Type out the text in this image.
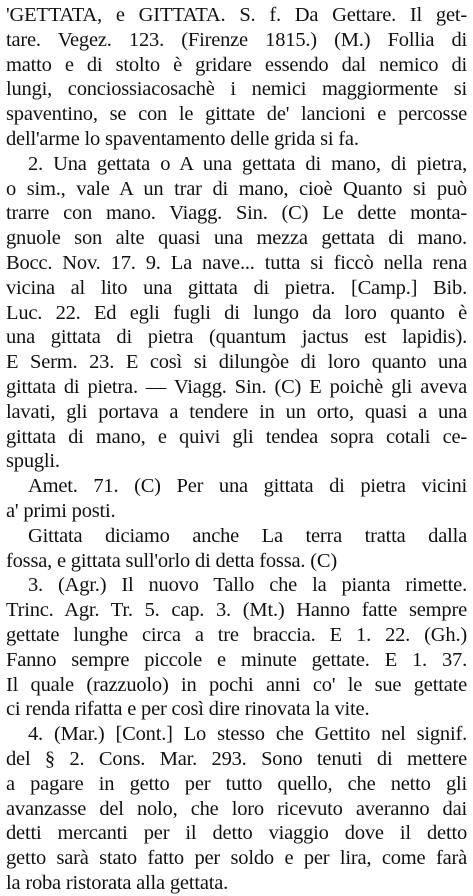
'GETTATA, e GITTATA. S. f. Da Gettare. Il get-
tare. Vegez. 123. (Firenze 1815.) (M.) Follia di
matto e di stolto è gridare essendo dal nemico di
lungi, conciossiacosachè i nemici maggiormente si
spaventino, se con le gittate de' lancioni e percosse
dell'arme lo spaventamento delle grida si fa.
2. Una gettata o A una gettata di mano, di pietra,
o sim., vale A un trar di mano, cioè Quanto si può
trarre con mano. Viagg. Sin. (C) Le dette monta-
gnuole son alte quasi una mezza gettata di mano.
Bocc. Nov. 17. 9. La nave... tutta si ficcò nella rena
vicina al lito una gittata di pietra. [Camp.] Bib.
Luc. 22. Ed egli fugli di lungo da loro quanto è
una gittata di pietra (quantum jactus est lapidis).
E Serm. 23. E così si dilungòe di loro quanto una
gittata di pietra. — Viagg. Sin. (C) E poichè gli aveva
lavati, gli portava a tendere in un orto, quasi a una
gittata di mano, e quivi gli tendea sopra cotali ce-
spugli.
Amet. 71. (C) Per una gittata di pietra vicini
a' primi posti.
Gittata diciamo anche La terra tratta dalla
fossa, e gittata sull'orlo di detta fossa. (C)
3. (Agr.) Il nuovo Tallo che la pianta rimette.
Trinc. Agr. Tr. 5. cap. 3. (Mt.) Hanno fatte sempre
gettate lunghe circa a tre braccia. E 1. 22. (Gh.)
Fanno sempre piccole e minute gettate. E 1. 37.
Il quale (razzuolo) in pochi anni co' le sue gettate
ci renda rifatta e per così dire rinovata la vite.
4. (Mar.) [Cont.] Lo stesso che Gettito nel signif.
del § 2. Cons. Mar. 293. Sono tenuti di mettere
a pagare in getto per tutto quello, che netto gli
avanzasse del nolo, che loro ricevuto averanno dai
detti mercanti per il detto viaggio dove il detto
getto sarà stato fatto per soldo e per lira, come farà
la roba ristorata alla gettata.
